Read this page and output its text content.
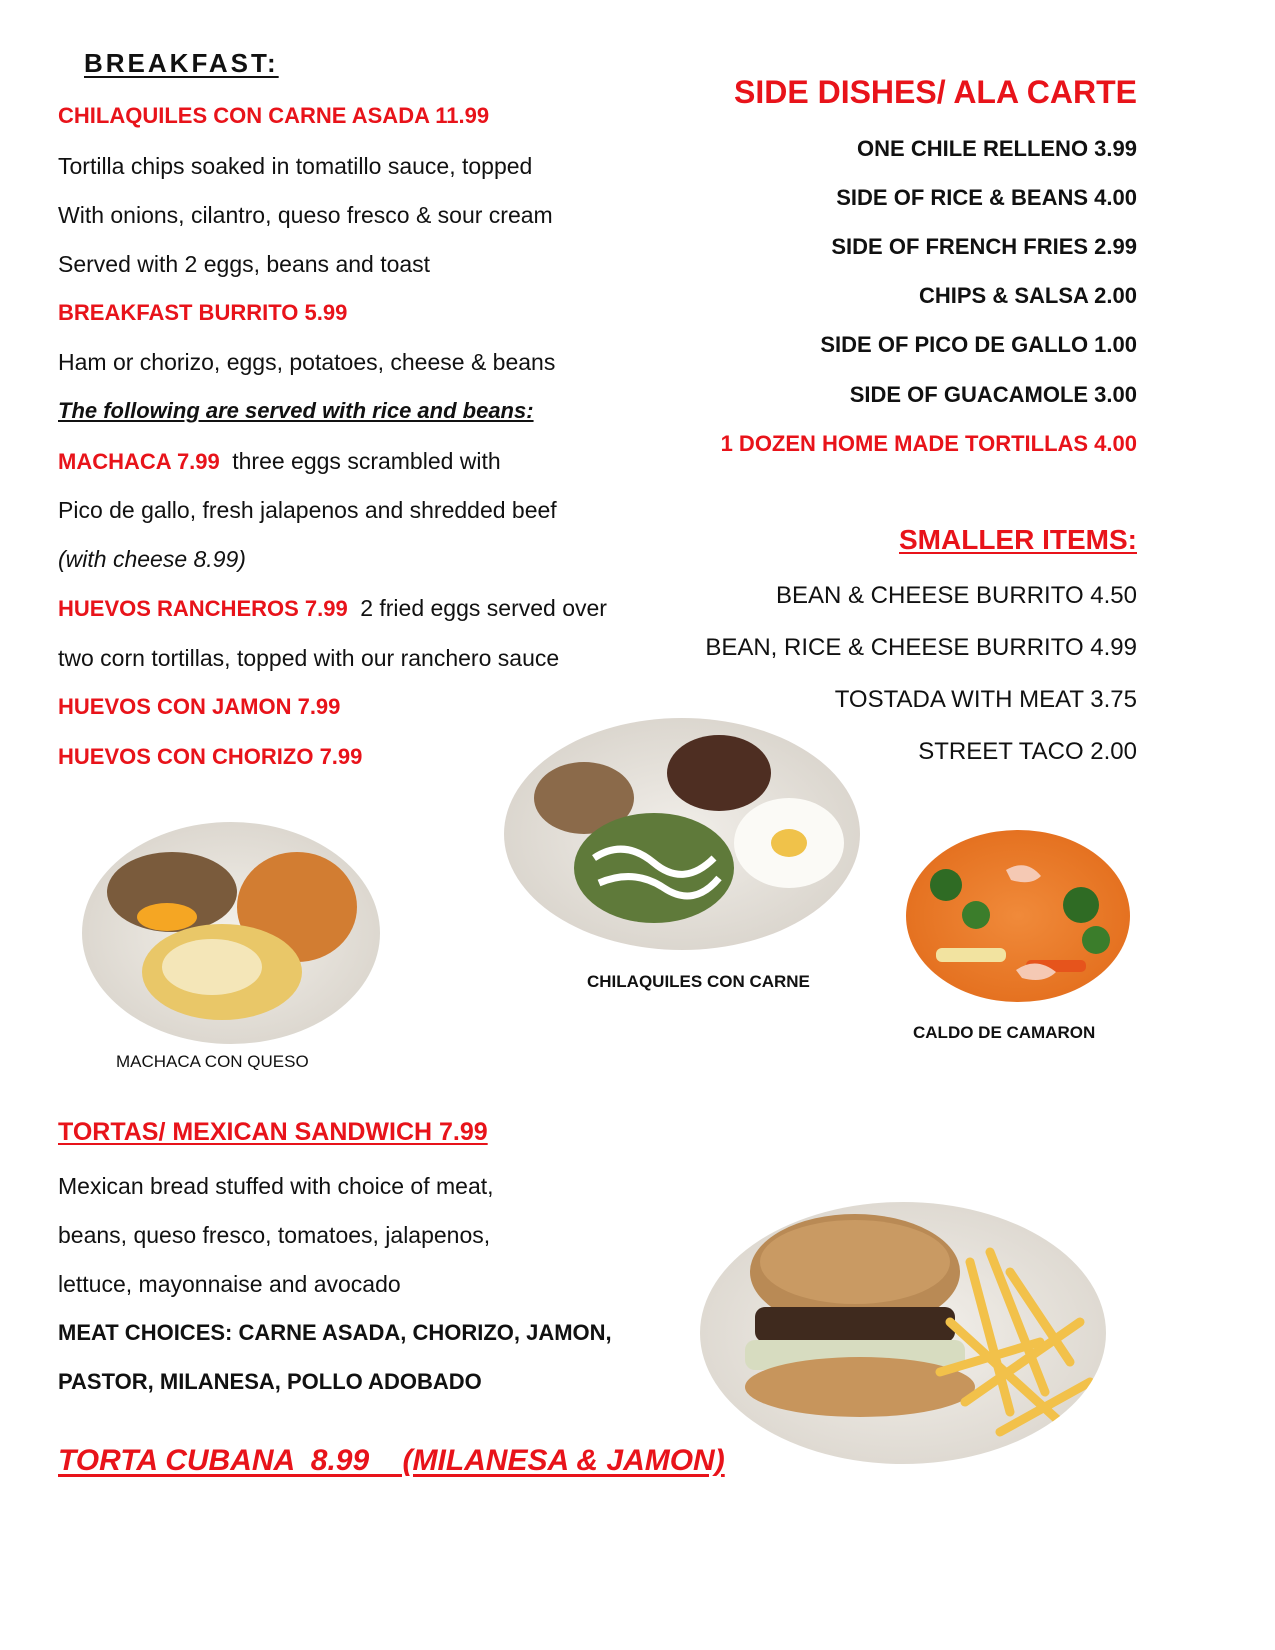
BREAKFAST:
CHILAQUILES CON CARNE ASADA 11.99
Tortilla chips soaked in tomatillo sauce, topped
With onions, cilantro, queso fresco & sour cream
Served with 2 eggs, beans and toast
BREAKFAST BURRITO 5.99
Ham or chorizo, eggs, potatoes, cheese & beans
The following are served with rice and beans:
MACHACA 7.99 three eggs scrambled with
Pico de gallo, fresh jalapenos and shredded beef
(with cheese 8.99)
HUEVOS RANCHEROS 7.99 2 fried eggs served over
two corn tortillas, topped with our ranchero sauce
HUEVOS CON JAMON 7.99
HUEVOS CON CHORIZO 7.99
SIDE DISHES/ ALA CARTE
ONE CHILE RELLENO 3.99
SIDE OF RICE & BEANS 4.00
SIDE OF FRENCH FRIES 2.99
CHIPS & SALSA 2.00
SIDE OF PICO DE GALLO 1.00
SIDE OF GUACAMOLE 3.00
1 DOZEN HOME MADE TORTILLAS 4.00
SMALLER ITEMS:
BEAN & CHEESE BURRITO 4.50
BEAN, RICE & CHEESE BURRITO 4.99
TOSTADA WITH MEAT 3.75
STREET TACO 2.00
MACHACA CON QUESO
CHILAQUILES CON CARNE
CALDO DE CAMARON
TORTAS/ MEXICAN SANDWICH 7.99
Mexican bread stuffed with choice of meat,
beans, queso fresco, tomatoes, jalapenos,
lettuce, mayonnaise and avocado
MEAT CHOICES: CARNE ASADA, CHORIZO, JAMON,
PASTOR, MILANESA, POLLO ADOBADO
TORTA CUBANA  8.99    (MILANESA & JAMON)
